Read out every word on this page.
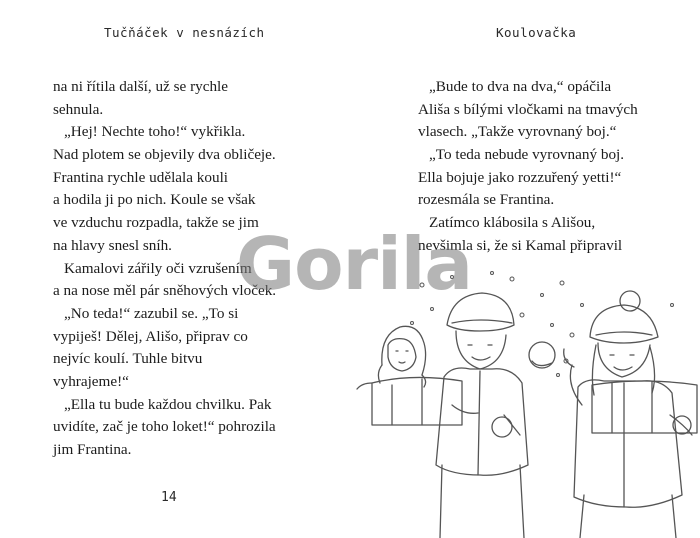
Tučňáček v nesnázích
na ni řítila další, už se rychle
sehnula.
„Hej! Nechte toho!“ vykřikla.
Nad plotem se objevily dva obličeje.
Frantina rychle udělala kouli
a hodila ji po nich. Koule se však
ve vzduchu rozpadla, takže se jim
na hlavy snesl sníh.
Kamalovi zářily oči vzrušením
a na nose měl pár sněhových vloček.
„No teda!“ zazubil se. „To si
vypiješ! Dělej, Ališo, připrav co
nejvíc koulí. Tuhle bitvu
vyhrajeme!“
„Ella tu bude každou chvilku. Pak
uvidíte, zač je toho loket!“ pohrozila
jim Frantina.
14
Koulovačka
„Bude to dva na dva,“ opáčila
Ališa s bílými vločkami na tmavých
vlasech. „Takže vyrovnaný boj.“
„To teda nebude vyrovnaný boj.
Ella bojuje jako rozzuřený yetti!“
rozesmála se Frantina.
Zatímco klábosila s Ališou,
nevšimla si, že si Kamal připravil
Gorila
